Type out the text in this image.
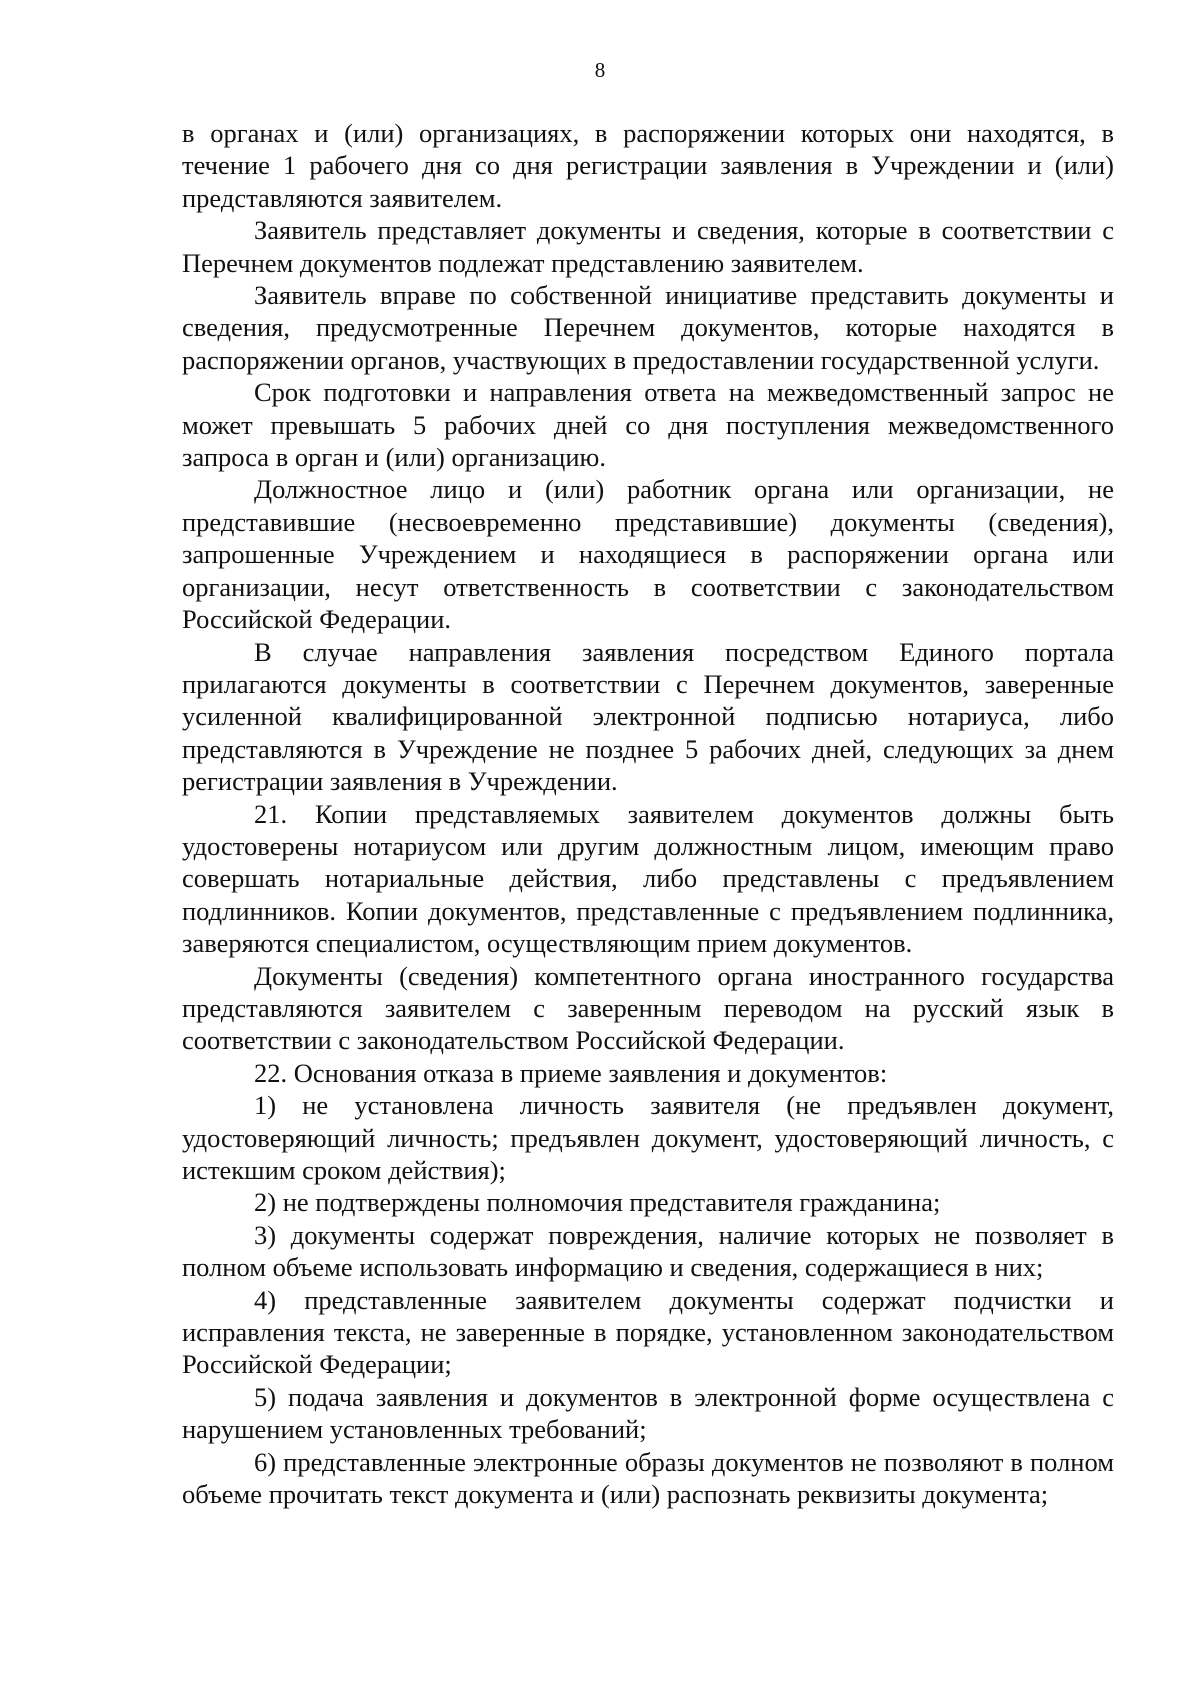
8

в органах и (или) организациях, в распоряжении которых они находятся, в течение 1 рабочего дня со дня регистрации заявления в Учреждении и (или) представляются заявителем.

Заявитель представляет документы и сведения, которые в соответствии с Перечнем документов подлежат представлению заявителем.

Заявитель вправе по собственной инициативе представить документы и сведения, предусмотренные Перечнем документов, которые находятся в распоряжении органов, участвующих в предоставлении государственной услуги.

Срок подготовки и направления ответа на межведомственный запрос не может превышать 5 рабочих дней со дня поступления межведомственного запроса в орган и (или) организацию.

Должностное лицо и (или) работник органа или организации, не представившие (несвоевременно представившие) документы (сведения), запрошенные Учреждением и находящиеся в распоряжении органа или организации, несут ответственность в соответствии с законодательством Российской Федерации.

В случае направления заявления посредством Единого портала прилагаются документы в соответствии с Перечнем документов, заверенные усиленной квалифицированной электронной подписью нотариуса, либо представляются в Учреждение не позднее 5 рабочих дней, следующих за днем регистрации заявления в Учреждении.

21. Копии представляемых заявителем документов должны быть удостоверены нотариусом или другим должностным лицом, имеющим право совершать нотариальные действия, либо представлены с предъявлением подлинников. Копии документов, представленные с предъявлением подлинника, заверяются специалистом, осуществляющим прием документов.

Документы (сведения) компетентного органа иностранного государства представляются заявителем с заверенным переводом на русский язык в соответствии с законодательством Российской Федерации.

22. Основания отказа в приеме заявления и документов:

1) не установлена личность заявителя (не предъявлен документ, удостоверяющий личность; предъявлен документ, удостоверяющий личность, с истекшим сроком действия);

2) не подтверждены полномочия представителя гражданина;

3) документы содержат повреждения, наличие которых не позволяет в полном объеме использовать информацию и сведения, содержащиеся в них;

4) представленные заявителем документы содержат подчистки и исправления текста, не заверенные в порядке, установленном законодательством Российской Федерации;

5) подача заявления и документов в электронной форме осуществлена с нарушением установленных требований;

6) представленные электронные образы документов не позволяют в полном объеме прочитать текст документа и (или) распознать реквизиты документа;
